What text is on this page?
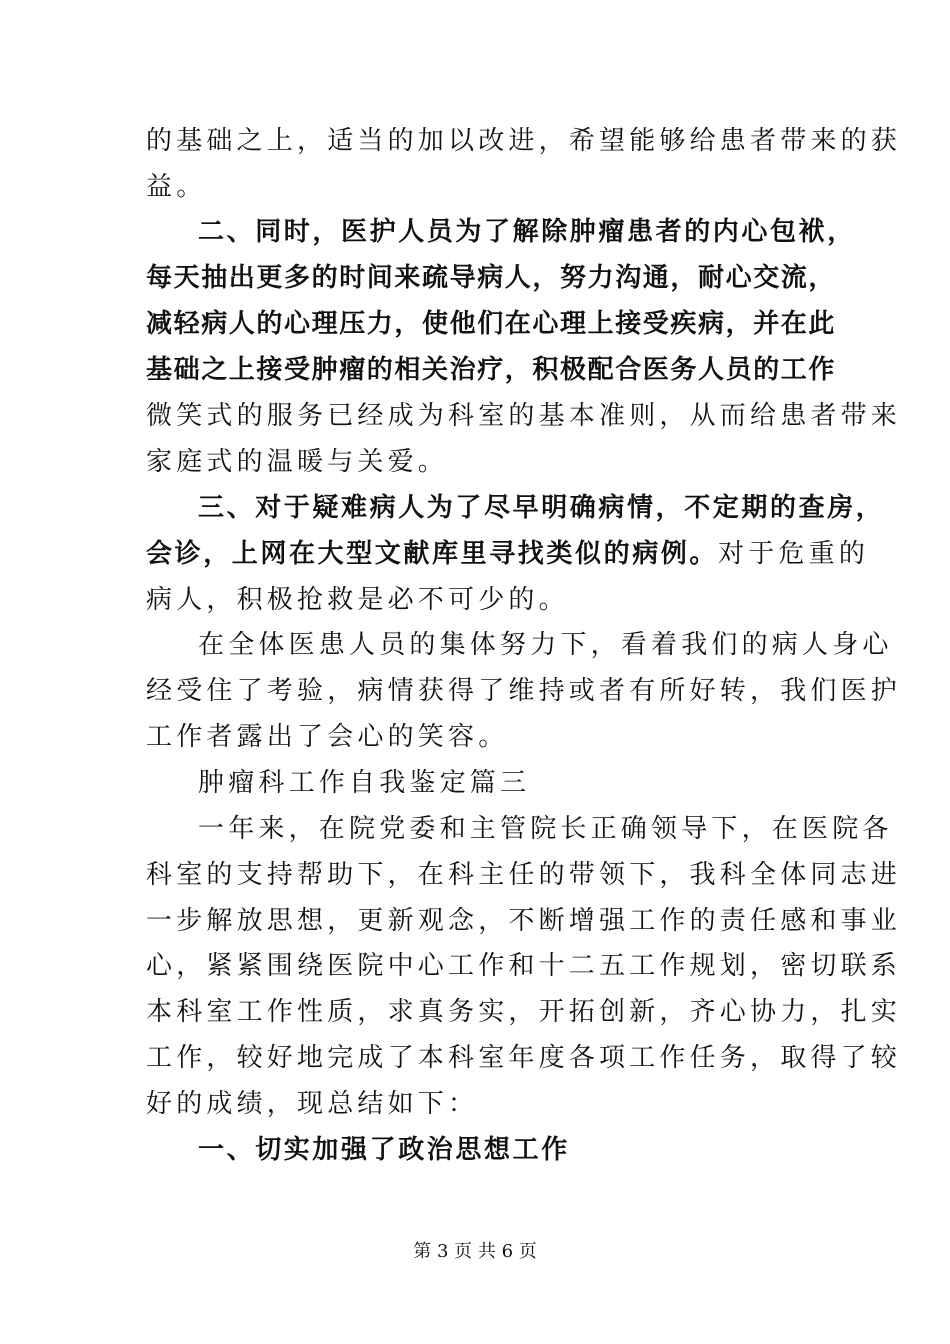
的基础之上，适当的加以改进，希望能够给患者带来的获
益。
二、同时，医护人员为了解除肿瘤患者的内心包袱，
每天抽出更多的时间来疏导病人，努力沟通，耐心交流，
减轻病人的心理压力，使他们在心理上接受疾病，并在此
基础之上接受肿瘤的相关治疗，积极配合医务人员的工作
微笑式的服务已经成为科室的基本准则，从而给患者带来
家庭式的温暖与关爱。
三、对于疑难病人为了尽早明确病情，不定期的查房，
会诊，上网在大型文献库里寻找类似的病例。对于危重的
病人，积极抢救是必不可少的。
在全体医患人员的集体努力下，看着我们的病人身心
经受住了考验，病情获得了维持或者有所好转，我们医护
工作者露出了会心的笑容。
肿瘤科工作自我鉴定篇三
一年来，在院党委和主管院长正确领导下，在医院各
科室的支持帮助下，在科主任的带领下，我科全体同志进
一步解放思想，更新观念，不断增强工作的责任感和事业
心，紧紧围绕医院中心工作和十二五工作规划，密切联系
本科室工作性质，求真务实，开拓创新，齐心协力，扎实
工作，较好地完成了本科室年度各项工作任务，取得了较
好的成绩，现总结如下：
一、切实加强了政治思想工作
第 3 页 共 6 页
